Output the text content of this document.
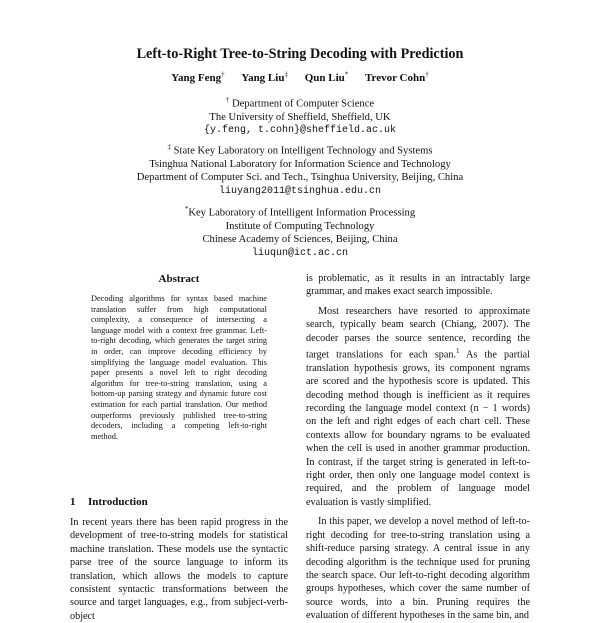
Left-to-Right Tree-to-String Decoding with Prediction
Yang Feng† Yang Liu‡ Qun Liu* Trevor Cohn†
† Department of Computer Science
The University of Sheffield, Sheffield, UK
{y.feng, t.cohn}@sheffield.ac.uk
‡ State Key Laboratory on Intelligent Technology and Systems
Tsinghua National Laboratory for Information Science and Technology
Department of Computer Sci. and Tech., Tsinghua University, Beijing, China
liuyang2011@tsinghua.edu.cn
*Key Laboratory of Intelligent Information Processing
Institute of Computing Technology
Chinese Academy of Sciences, Beijing, China
liuqun@ict.ac.cn
Abstract
Decoding algorithms for syntax based machine translation suffer from high computational complexity, a consequence of intersecting a language model with a context free grammar. Left-to-right decoding, which generates the target string in order, can improve decoding efficiency by simplifying the language model evaluation. This paper presents a novel left to right decoding algorithm for tree-to-string translation, using a bottom-up parsing strategy and dynamic future cost estimation for each partial translation. Our method outperforms previously published tree-to-string decoders, including a competing left-to-right method.
1 Introduction

In recent years there has been rapid progress in the development of tree-to-string models for statistical machine translation. These models use the syntactic parse tree of the source language to inform its translation, which allows the models to capture consistent syntactic transformations between the source and target languages, e.g., from subject-verb-object

is problematic, as it results in an intractably large grammar, and makes exact search impossible.

Most researchers have resorted to approximate search, typically beam search (Chiang, 2007). The decoder parses the source sentence, recording the target translations for each span.$^1$ As the partial translation hypothesis grows, its component ngrams are scored and the hypothesis score is updated. This decoding method though is inefficient as it requires recording the language model context (n − 1 words) on the left and right edges of each chart cell. These contexts allow for boundary ngrams to be evaluated when the cell is used in another grammar production. In contrast, if the target string is generated in left-to-right order, then only one language model context is required, and the problem of language model evaluation is vastly simplified.

In this paper, we develop a novel method of left-to-right decoding for tree-to-string translation using a shift-reduce parsing strategy. A central issue in any decoding algorithm is the technique used for pruning the search space. Our left-to-right decoding algorithm groups hypotheses, which cover the same number of source words, into a bin. Pruning requires the evaluation of different hypotheses in the same bin, and
